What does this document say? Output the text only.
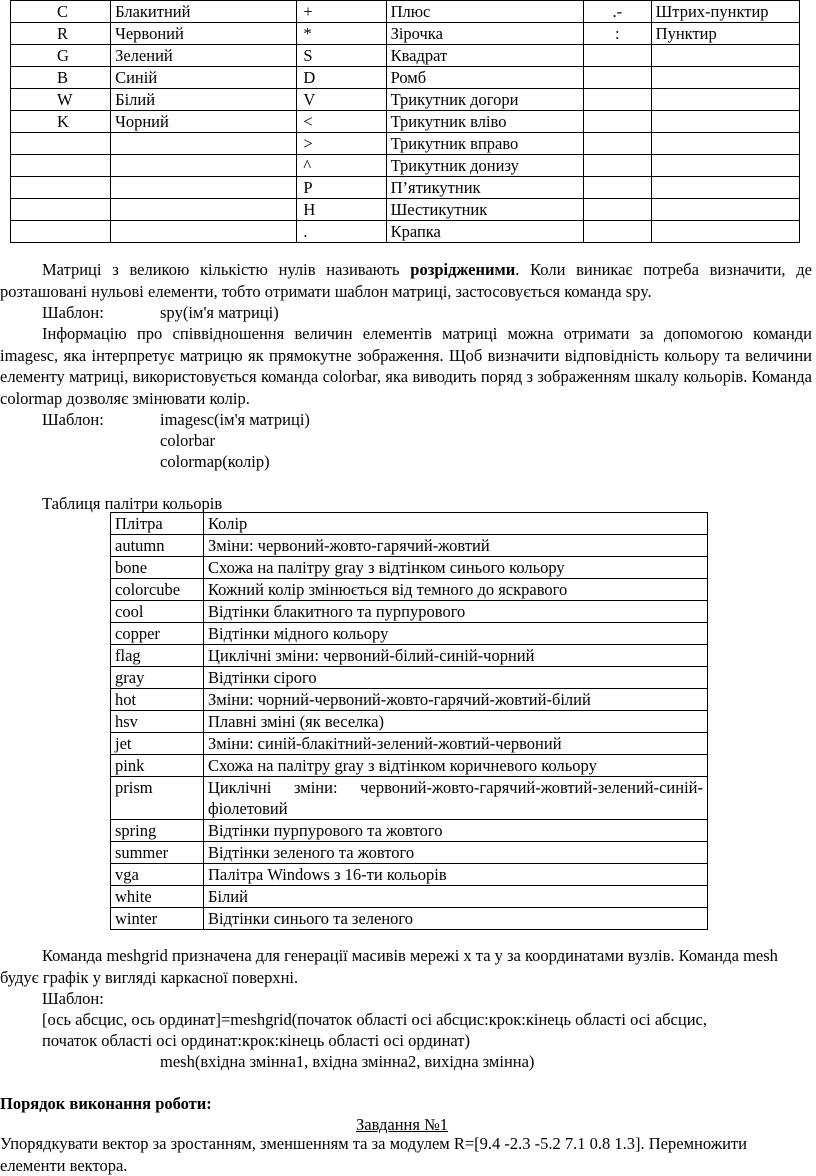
C	Блакитний	+	Плюс	.-	Штрих-пунктир
R	Червоний	*	Зірочка	:	Пунктир
G	Зелений	S	Квадрат		
B	Синій	D	Ромб		
W	Білий	V	Трикутник догори		
K	Чорний	<	Трикутник вліво		
		>	Трикутник вправо		
		^	Трикутник донизу		
		P	П’ятикутник		
		H	Шестикутник		
		.	Крапка		
Матриці з великою кількістю нулів називають розрідженими. Коли виникає потреба визначити, де розташовані нульові елементи, тобто отримати шаблон матриці, застосовується команда spy.
Шаблон:	spy(ім'я матриці)
Інформацію про співвідношення величин елементів матриці можна отримати за допомогою команди imagesc, яка інтерпретує матрицю як прямокутне зображення. Щоб визначити відповідність кольору та величини елементу матриці, використовується команда colorbar, яка виводить поряд з зображенням шкалу кольорів. Команда colormap дозволяє змінювати колір.
Шаблон:	imagesc(ім'я матриці)
colorbar
colormap(колір)
Таблиця палітри кольорів
Плітра	Колір
autumn	Зміни: червоний-жовто-гарячий-жовтий
bone	Схожа на палітру gray з відтінком синього кольору
colorcube	Кожний колір змінюється від темного до яскравого
cool	Відтінки блакитного та пурпурового
copper	Відтінки мідного кольору
flag	Циклічні зміни: червоний-білий-синій-чорний
gray	Відтінки сірого
hot	Зміни: чорний-червоний-жовто-гарячий-жовтий-білий
hsv	Плавні зміні (як веселка)
jet	Зміни: синій-блакітний-зелений-жовтий-червоний
pink	Схожа на палітру gray з відтінком коричневого кольору
prism	Циклічні зміни: червоний-жовто-гарячий-жовтий-зелений-синій-фіолетовий
spring	Відтінки пурпурового та жовтого
summer	Відтінки зеленого та жовтого
vga	Палітра Windows з 16-ти кольорів
white	Білий
winter	Відтінки синього та зеленого
Команда meshgrid призначена для генерації масивів мережі x та y за координатами вузлів. Команда mesh будує графік у вигляді каркасної поверхні.
Шаблон:
[ось абсцис, ось ординат]=meshgrid(початок області осі абсцис:крок:кінець області осі абсцис,
початок області осі ординат:крок:кінець області осі ординат)
mesh(вхідна змінна1, вхідна змінна2, вихідна змінна)
Порядок виконання роботи:
Завдання №1
Упорядкувати вектор за зростанням, зменшенням та за модулем R=[9.4 -2.3 -5.2 7.1 0.8 1.3]. Перемножити елементи вектора.
